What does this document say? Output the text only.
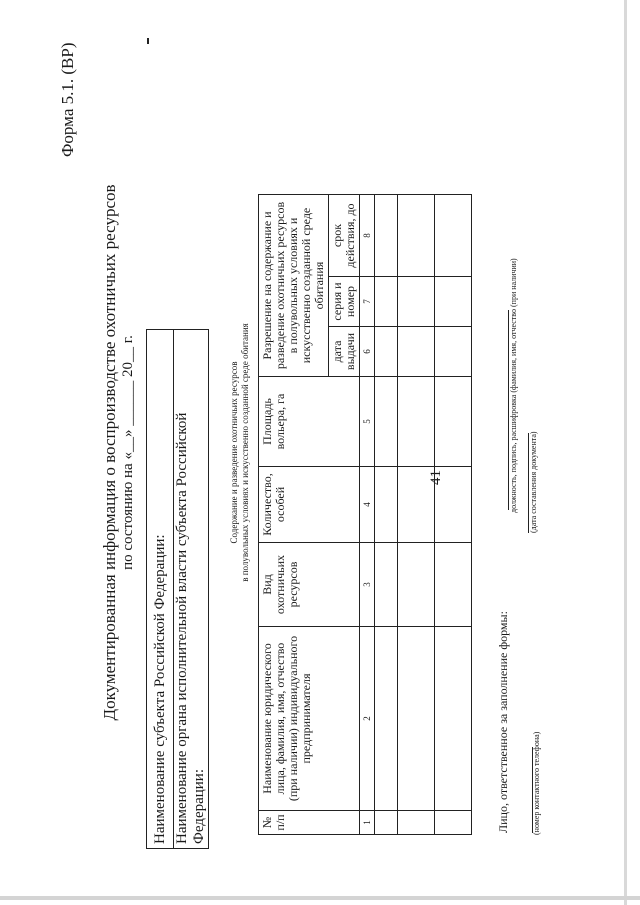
41
Форма 5.1. (ВР)
Документированная информация о воспроизводстве охотничьих ресурсов по состоянию на «__» ______ 20__ г.
Наименование субъекта Российской Федерации:
Наименование органа исполнительной власти субъекта Российской Федерации:
Содержание и разведение охотничьих ресурсов в полувольных условиях и искусственно созданной среде обитания
№ п/п	Наименование юридического лица, фамилия, имя, отчество (при наличии) индивидуального предпринимателя	Вид охотничьих ресурсов	Количество, особей	Площадь вольера, га	Разрешение на содержание и разведение охотничьих ресурсов в полувольных условиях и искусственно созданной среде обитания		
					дата выдачи	серия и номер	срок действия, до
1	2	3	4	5	6	7	8

Лицо, ответственное за заполнение формы:
должность, подпись, расшифровка (фамилия, имя, отчество (при наличии) (дата составления документа)
(номер контактного телефона)
